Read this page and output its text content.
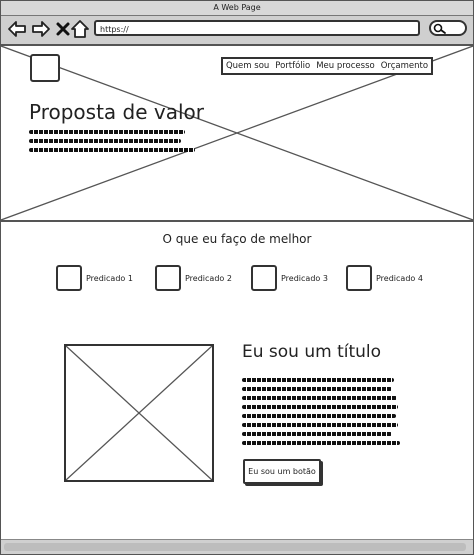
A Web Page
https://
Quem sou Portfólio Meu processo Orçamento
Proposta de valor
O que eu faço de melhor
Predicado 1	Predicado 2	Predicado 3	Predicado 4
Eu sou um título
Eu sou um botão
